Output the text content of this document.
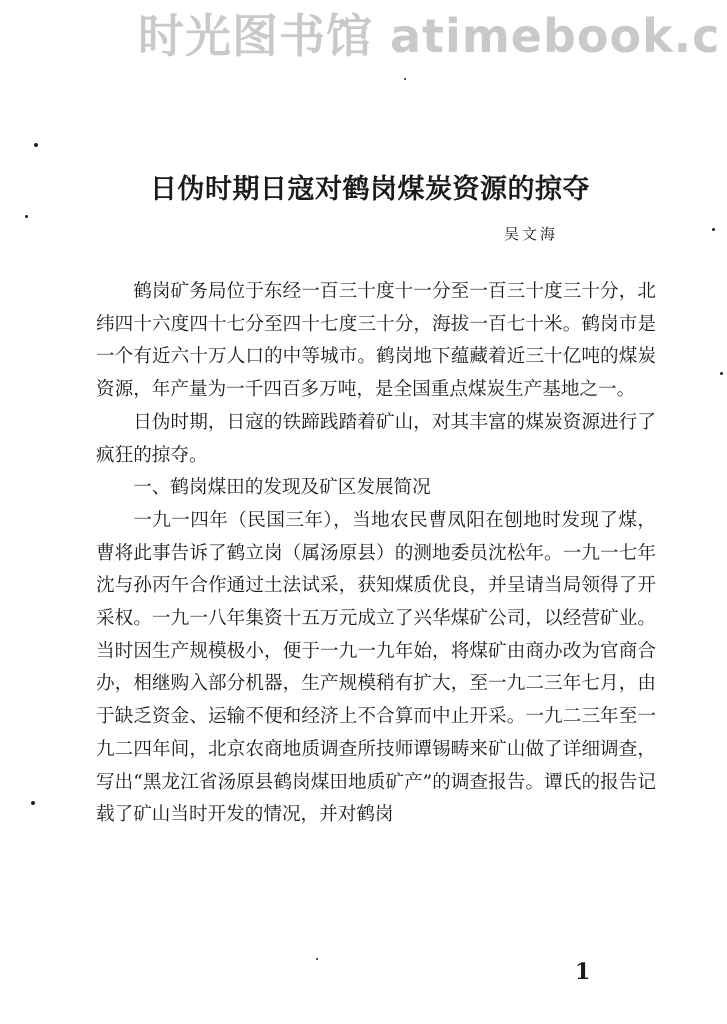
时光图书馆 atimebook.c
日伪时期日寇对鹤岗煤炭资源的掠夺
吴文海

鹤岗矿务局位于东经一百三十度十一分至一百三十度三十分，北纬四十六度四十七分至四十七度三十分，海拔一百七十米。鹤岗市是一个有近六十万人口的中等城市。鹤岗地下蕴藏着近三十亿吨的煤炭资源，年产量为一千四百多万吨，是全国重点煤炭生产基地之一。

日伪时期，日寇的铁蹄践踏着矿山，对其丰富的煤炭资源进行了疯狂的掠夺。

一、鹤岗煤田的发现及矿区发展简况

一九一四年（民国三年），当地农民曹凤阳在刨地时发现了煤，曹将此事告诉了鹤立岗（属汤原县）的测地委员沈松年。一九一七年沈与孙丙午合作通过土法试采，获知煤质优良，并呈请当局领得了开采权。一九一八年集资十五万元成立了兴华煤矿公司，以经营矿业。当时因生产规模极小，便于一九一九年始，将煤矿由商办改为官商合办，相继购入部分机器，生产规模稍有扩大，至一九二三年七月，由于缺乏资金、运输不便和经济上不合算而中止开采。一九二三年至一九二四年间，北京农商地质调查所技师谭锡畴来矿山做了详细调查，写出“黑龙江省汤原县鹤岗煤田地质矿产”的调查报告。谭氏的报告记载了矿山当时开发的情况，并对鹤岗

1
